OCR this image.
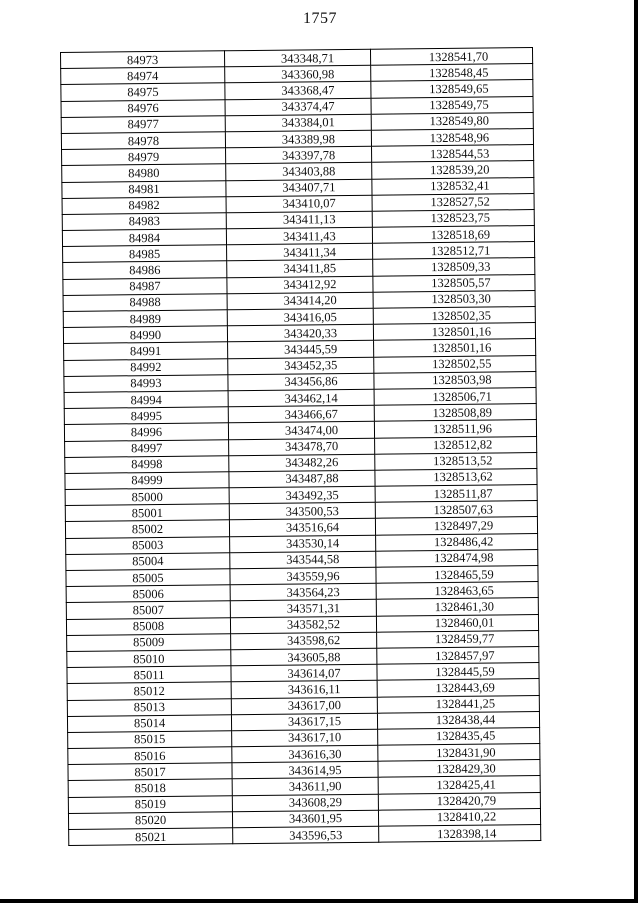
1757
84973	343348,71	1328541,70
84974	343360,98	1328548,45
84975	343368,47	1328549,65
84976	343374,47	1328549,75
84977	343384,01	1328549,80
84978	343389,98	1328548,96
84979	343397,78	1328544,53
84980	343403,88	1328539,20
84981	343407,71	1328532,41
84982	343410,07	1328527,52
84983	343411,13	1328523,75
84984	343411,43	1328518,69
84985	343411,34	1328512,71
84986	343411,85	1328509,33
84987	343412,92	1328505,57
84988	343414,20	1328503,30
84989	343416,05	1328502,35
84990	343420,33	1328501,16
84991	343445,59	1328501,16
84992	343452,35	1328502,55
84993	343456,86	1328503,98
84994	343462,14	1328506,71
84995	343466,67	1328508,89
84996	343474,00	1328511,96
84997	343478,70	1328512,82
84998	343482,26	1328513,52
84999	343487,88	1328513,62
85000	343492,35	1328511,87
85001	343500,53	1328507,63
85002	343516,64	1328497,29
85003	343530,14	1328486,42
85004	343544,58	1328474,98
85005	343559,96	1328465,59
85006	343564,23	1328463,65
85007	343571,31	1328461,30
85008	343582,52	1328460,01
85009	343598,62	1328459,77
85010	343605,88	1328457,97
85011	343614,07	1328445,59
85012	343616,11	1328443,69
85013	343617,00	1328441,25
85014	343617,15	1328438,44
85015	343617,10	1328435,45
85016	343616,30	1328431,90
85017	343614,95	1328429,30
85018	343611,90	1328425,41
85019	343608,29	1328420,79
85020	343601,95	1328410,22
85021	343596,53	1328398,14
